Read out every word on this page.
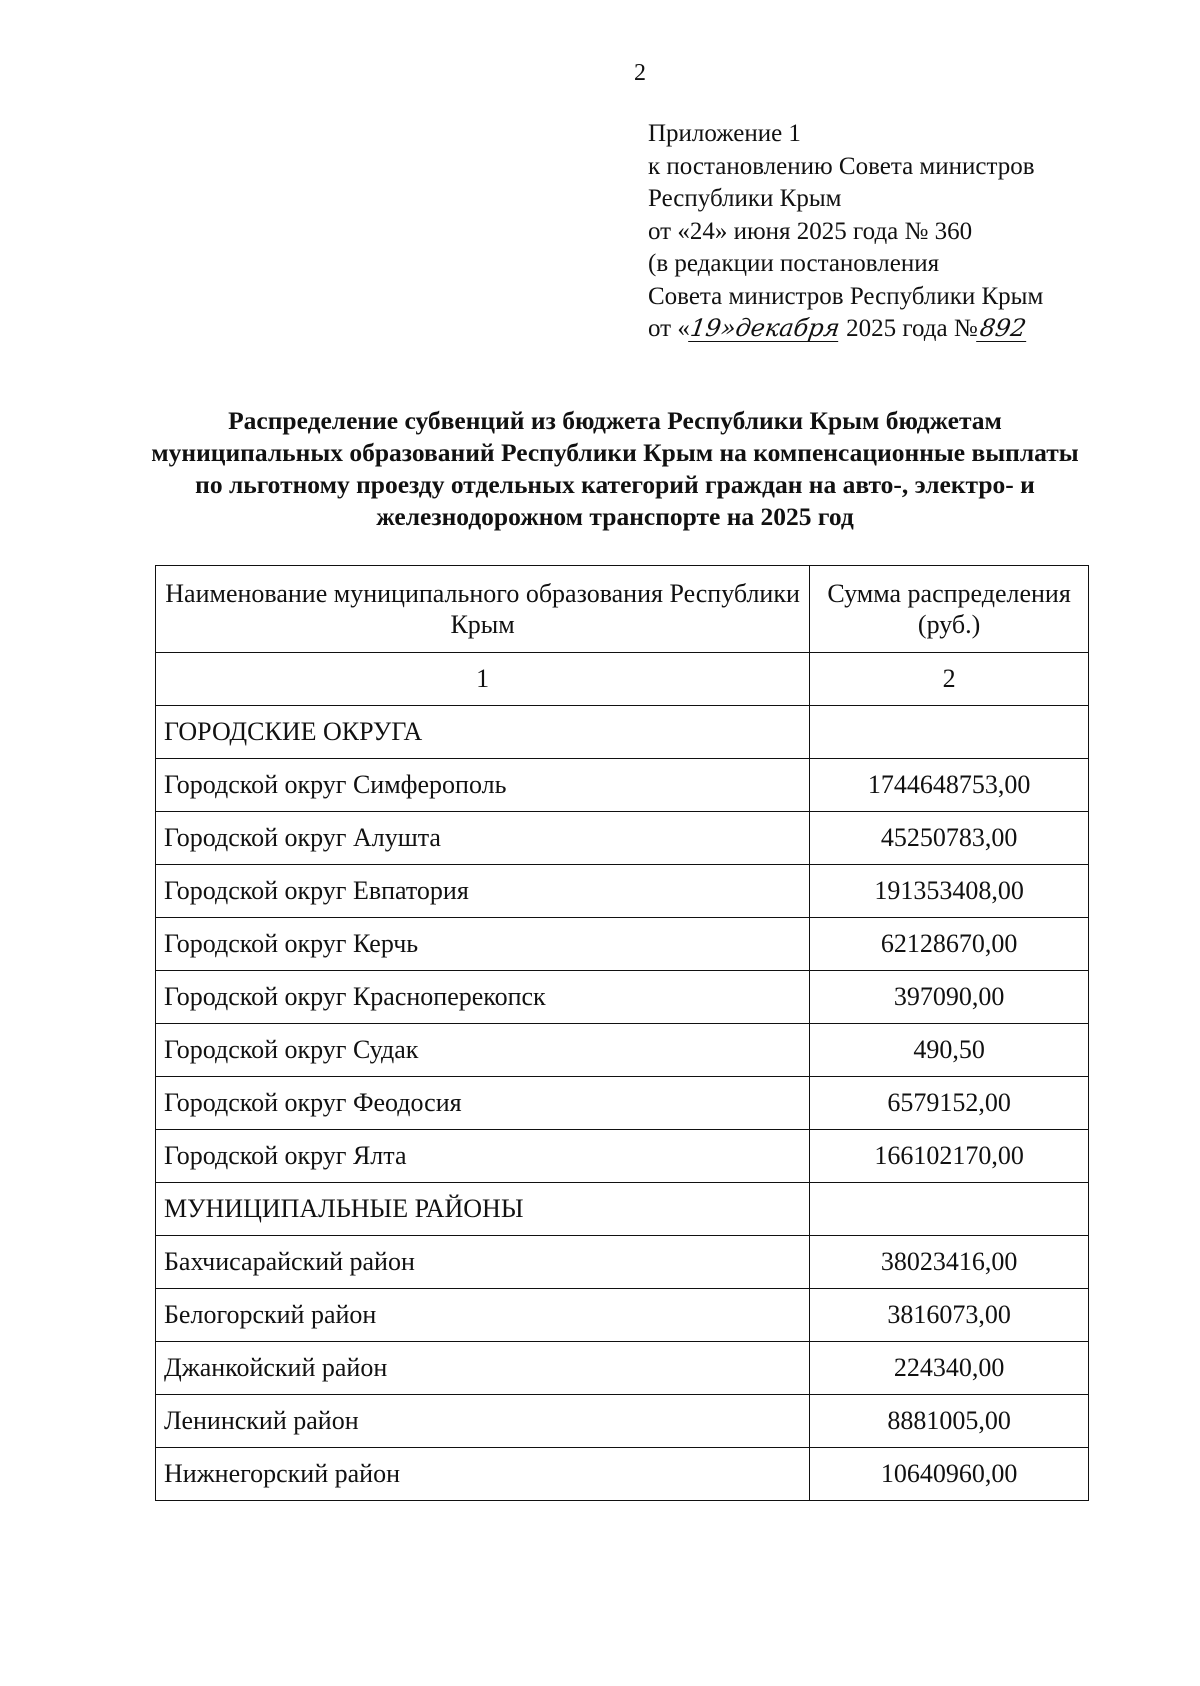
2
Приложение 1
к постановлению Совета министров
Республики Крым
от «24» июня 2025 года № 360
(в редакции постановления
Совета министров Республики Крым
от «19»декабря 2025 года №892
Распределение субвенций из бюджета Республики Крым бюджетам муниципальных образований Республики Крым на компенсационные выплаты по льготному проезду отдельных категорий граждан на авто-, электро- и железнодорожном транспорте на 2025 год
Наименование муниципального образования Республики Крым	Сумма распределения (руб.)
1	2
ГОРОДСКИЕ ОКРУГА	
Городской округ Симферополь	1744648753,00
Городской округ Алушта	45250783,00
Городской округ Евпатория	191353408,00
Городской округ Керчь	62128670,00
Городской округ Красноперекопск	397090,00
Городской округ Судак	490,50
Городской округ Феодосия	6579152,00
Городской округ Ялта	166102170,00
МУНИЦИПАЛЬНЫЕ РАЙОНЫ	
Бахчисарайский район	38023416,00
Белогорский район	3816073,00
Джанкойский район	224340,00
Ленинский район	8881005,00
Нижнегорский район	10640960,00
